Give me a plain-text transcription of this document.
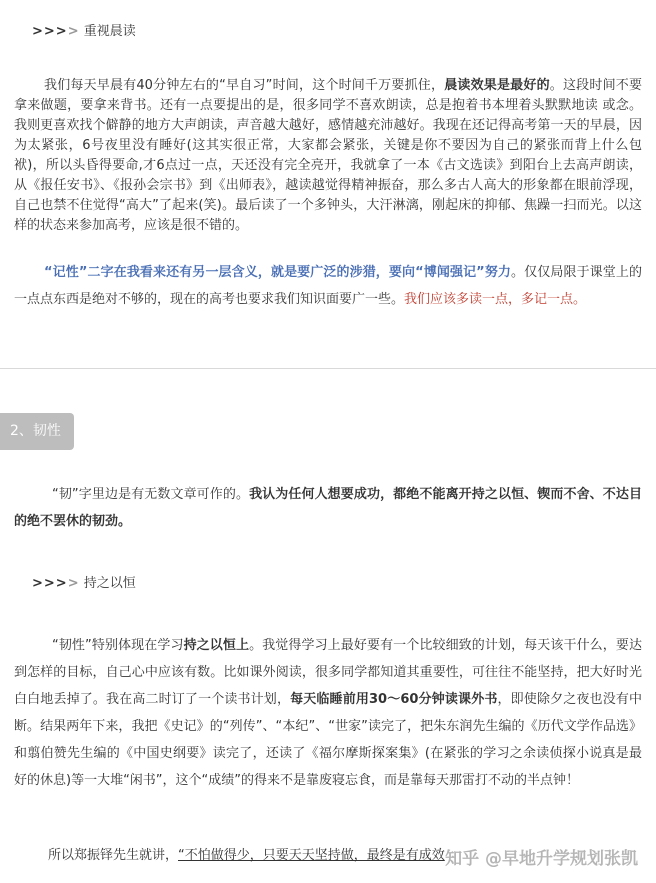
>>>> 重视晨读
我们每天早晨有40分钟左右的“早自习”时间，这个时间千万要抓住，晨读效果是最好的。这段时间不要拿来做题，要拿来背书。还有一点要提出的是，很多同学不喜欢朗读，总是抱着书本埋着头默默地读 或念。我则更喜欢找个僻静的地方大声朗读，声音越大越好，感情越充沛越好。我现在还记得高考第一天的早晨，因为太紧张，6号夜里没有睡好(这其实很正常，大家都会紧张，关键是你不要因为自己的紧张而背上什么包袱)，所以头昏得要命,才6点过一点，天还没有完全亮开，我就拿了一本《古文选读》到阳台上去高声朗读，从《报任安书》、《报孙会宗书》到《出师表》，越读越觉得精神振奋，那么多古人高大的形象都在眼前浮现，自己也禁不住觉得“高大”了起来(笑)。最后读了一个多钟头，大汗淋漓，刚起床的抑郁、焦躁一扫而光。以这样的状态来参加高考，应该是很不错的。
“记性”二字在我看来还有另一层含义，就是要广泛的涉猎，要向“博闻强记”努力。仅仅局限于课堂上的一点点东西是绝对不够的，现在的高考也要求我们知识面要广一些。我们应该多读一点，多记一点。
2、韧性
“韧”字里边是有无数文章可作的。我认为任何人想要成功，都绝不能离开持之以恒、锲而不舍、不达目的绝不罢休的韧劲。
>>>> 持之以恒
“韧性”特别体现在学习持之以恒上。我觉得学习上最好要有一个比较细致的计划，每天该干什么，要达到怎样的目标，自己心中应该有数。比如课外阅读，很多同学都知道其重要性，可往往不能坚持，把大好时光白白地丢掉了。我在高二时订了一个读书计划，每天临睡前用30～60分钟读课外书，即使除夕之夜也没有中断。结果两年下来，我把《史记》的“列传”、“本纪”、“世家”读完了，把朱东润先生编的《历代文学作品选》和翦伯赞先生编的《中国史纲要》读完了，还读了《福尔摩斯探案集》(在紧张的学习之余读侦探小说真是最好的休息)等一大堆“闲书”，这个“成绩”的得来不是靠废寝忘食，而是靠每天那雷打不动的半点钟！
所以郑振铎先生就讲，“不怕做得少，只要天天坚持做，最终是有成效 知乎 @早地升学规划张凯
